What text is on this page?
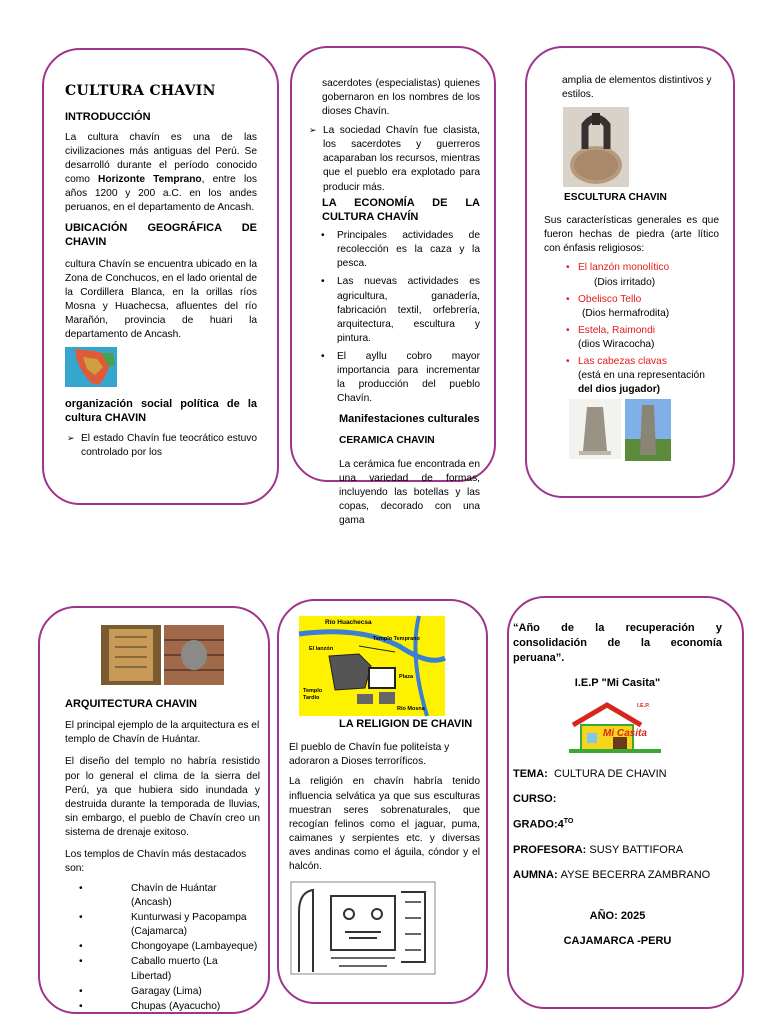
CULTURA CHAVIN
INTRODUCCIÓN

La cultura chavín es una de las civilizaciones más antiguas del Perú. Se desarrolló durante el período conocido como Horizonte Temprano, entre los años 1200 y 200 a.C. en los andes peruanos, en el departamento de Ancash.

UBICACIÓN GEOGRÁFICA DE CHAVIN

cultura Chavín se encuentra ubicado en la Zona de Conchucos, en el lado oriental de la Cordillera Blanca, en la orillas ríos Mosna y Huachecsa, afluentes del río Marañón, provincia de huari la departamento de Ancash.

organización social política de la cultura CHAVIN
➢ El estado Chavín fue teocrático estuvo controlado por los

sacerdotes (especialistas) quienes gobernaron en los nombres de los dioses Chavín.

➢ La sociedad Chavín fue clasista, los sacerdotes y guerreros acaparaban los recursos, mientras que el pueblo era explotado para producir más.
LA ECONOMÍA DE LA CULTURA CHAVÍN
• Principales actividades de recolección es la caza y la pesca.
• Las nuevas actividades es agricultura, ganadería, fabricación textil, orfebrería, arquitectura, escultura y pintura.
• El ayllu cobro mayor importancia para incrementar la producción del pueblo Chavín.
Manifestaciones culturales
CERAMICA CHAVIN

La cerámica fue encontrada en una variedad de formas, incluyendo las botellas y las copas, decorado con una gama

amplia de elementos distintivos y estilos.

ESCULTURA CHAVIN

Sus características generales es que fueron hechas de piedra (arte lítico con énfasis religiosos:

• El lanzón monolítico
(Dios irritado)
• Obelisco Tello
(Dios hermafrodita)
• Estela, Raimondi
(dios Wiracocha)
• Las cabezas clavas
(está en una representación
del dios jugador)
ARQUITECTURA CHAVIN

El principal ejemplo de la arquitectura es el templo de Chavín de Huántar.

El diseño del templo no habría resistido por lo general el clima de la sierra del Perú, ya que hubiera sido inundada y destruida durante la temporada de lluvias, sin embargo, el pueblo de Chavín creo un sistema de drenaje exitoso.

Los templos de Chavín más destacados son:

• Chavín de Huántar (Ancash)
• Kunturwasi y Pacopampa (Cajamarca)
• Chongoyape (Lambayeque)
• Caballo muerto (La Libertad)
• Garagay (Lima)
• Chupas (Ayacucho)
Río Huachecsa
Templo Temprano
El lanzón
Templo Tardío
Plaza
Río Mosna
LA RELIGION DE CHAVIN

El pueblo de Chavín fue politeísta y adoraron a Dioses terroríficos.

La religión en chavín habría tenido influencia selvática ya que sus esculturas muestran seres sobrenaturales, que recogían felinos como el jaguar, puma, caimanes y serpientes etc. y diversas aves andinas como el águila, cóndor y el halcón.

“Año de la recuperación y consolidación de la economía peruana”.
I.E.P "Mi Casita"
I.E.P.
Mi Casita
TEMA: CULTURA DE CHAVIN
CURSO:
$GRADO:4^{TO}$
PROFESORA: SUSY BATTIFORA
AUMNA: AYSE BECERRA ZAMBRANO
AÑO: 2025
CAJAMARCA -PERU
